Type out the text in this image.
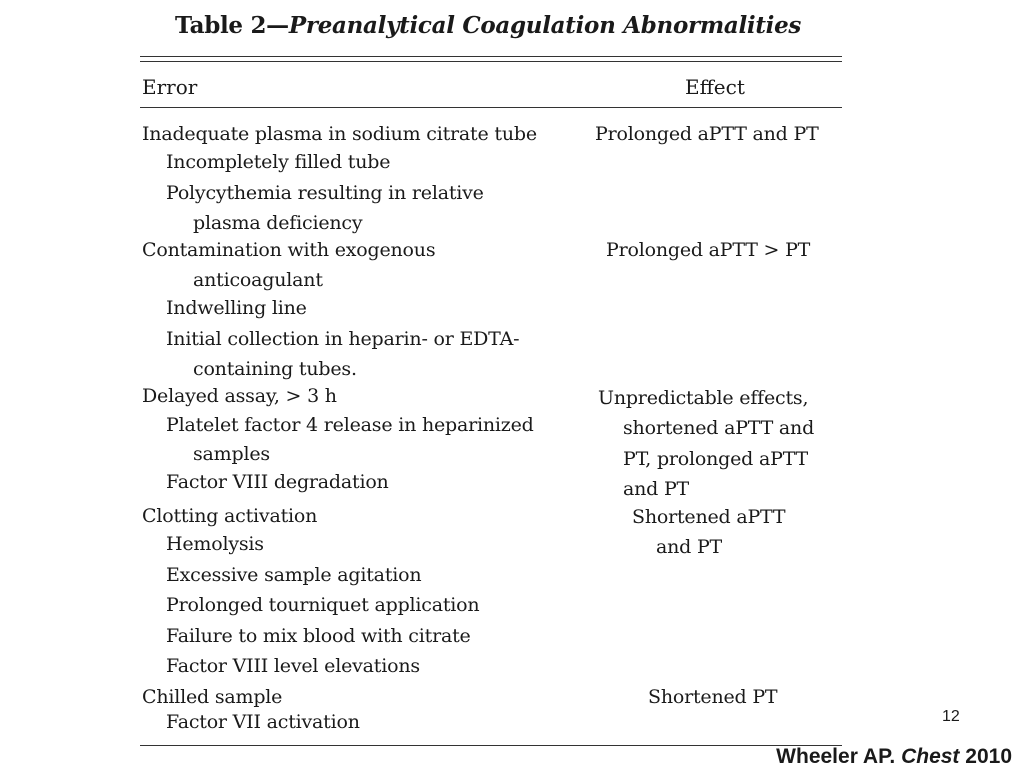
Table 2—Preanalytical Coagulation Abnormalities
Error	Effect
Inadequate plasma in sodium citrate tube
Incompletely filled tube
Polycythemia resulting in relative
plasma deficiency
Contamination with exogenous
anticoagulant
Indwelling line
Initial collection in heparin- or EDTA-
containing tubes.
Delayed assay, > 3 h
Platelet factor 4 release in heparinized
samples
Factor VIII degradation
Clotting activation
Hemolysis
Excessive sample agitation
Prolonged tourniquet application
Failure to mix blood with citrate
Factor VIII level elevations
Chilled sample
Factor VII activation
Prolonged aPTT and PT
Prolonged aPTT > PT
Unpredictable effects,
shortened aPTT and
PT, prolonged aPTT
and PT
Shortened aPTT
and PT
Shortened PT
12
Wheeler AP. Chest 2010
